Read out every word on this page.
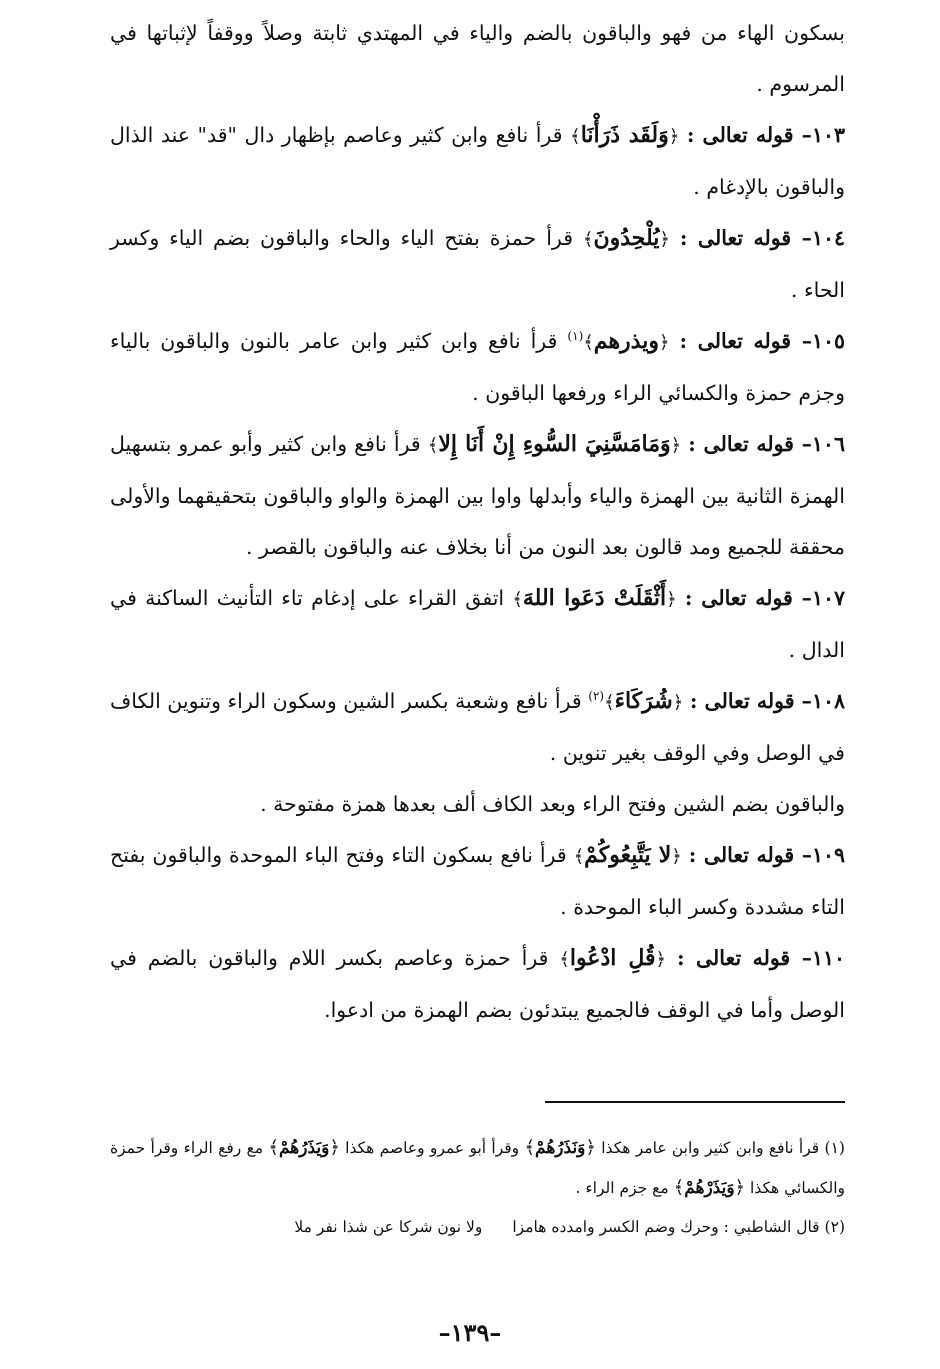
بسكون الهاء من فهو والباقون بالضم والياء في المهتدي ثابتة وصلاً ووقفاً لإثباتها في المرسوم .

١٠٣– قوله تعالى : ﴿وَلَقَد ذَرَأْنَا﴾ قرأ نافع وابن كثير وعاصم بإظهار دال "قد" عند الذال والباقون بالإدغام .

١٠٤– قوله تعالى : ﴿يُلْحِدُونَ﴾ قرأ حمزة بفتح الياء والحاء والباقون بضم الياء وكسر الحاء .

١٠٥– قوله تعالى : ﴿ويذرهم﴾$^{(١)}$ قرأ نافع وابن كثير وابن عامر بالنون والباقون بالياء وجزم حمزة والكسائي الراء ورفعها الباقون .

١٠٦– قوله تعالى : ﴿وَمَامَسَّنِيَ السُّوءِ إِنْ أَنَا إِلا﴾ قرأ نافع وابن كثير وأبو عمرو بتسهيل الهمزة الثانية بين الهمزة والياء وأبدلها واوا بين الهمزة والواو والباقون بتحقيقهما والأولى محققة للجميع ومد قالون بعد النون من أنا بخلاف عنه والباقون بالقصر .

١٠٧– قوله تعالى : ﴿أَثْقَلَتْ دَعَوا اللهَ﴾ اتفق القراء على إدغام تاء التأنيث الساكنة في الدال .

١٠٨– قوله تعالى : ﴿شُرَكَاءَ﴾$^{(٢)}$ قرأ نافع وشعبة بكسر الشين وسكون الراء وتنوين الكاف في الوصل وفي الوقف بغير تنوين .

والباقون بضم الشين وفتح الراء وبعد الكاف ألف بعدها همزة مفتوحة .

١٠٩– قوله تعالى : ﴿لا يَتَّبِعُوكُمْ﴾ قرأ نافع بسكون التاء وفتح الباء الموحدة والباقون بفتح التاء مشددة وكسر الباء الموحدة .

١١٠– قوله تعالى : ﴿قُلِ ادْعُوا﴾ قرأ حمزة وعاصم بكسر اللام والباقون بالضم في الوصل وأما في الوقف فالجميع يبتدئون بضم الهمزة من ادعوا.

(١) قرأ نافع وابن كثير وابن عامر هكذا ﴿وَنَذَرُهُمْ﴾ وقرأ أبو عمرو وعاصم هكذا ﴿وَيَذَرُهُمْ﴾ مع رفع الراء وقرأ حمزة والكسائي هكذا ﴿وَيَذَرْهُمْ﴾ مع جزم الراء .

(٢) قال الشاطبي : وحرك وضم الكسر وامدده هامزاولا نون شركا عن شذا نفر ملا

–١٣٩–
